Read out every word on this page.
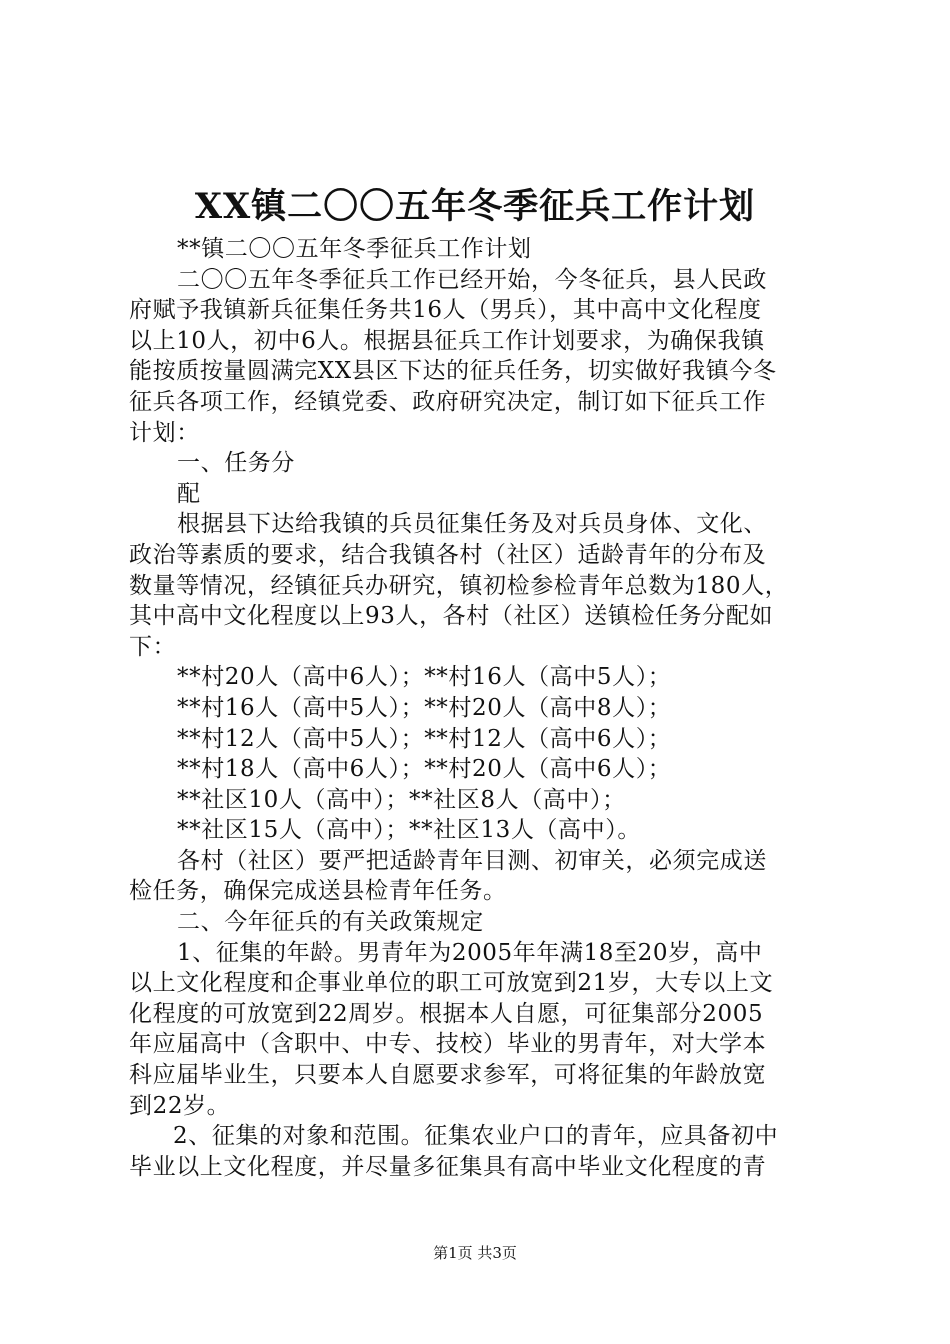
XX镇二〇〇五年冬季征兵工作计划
**镇二〇〇五年冬季征兵工作计划
二〇〇五年冬季征兵工作已经开始，今冬征兵，县人民政
府赋予我镇新兵征集任务共16人（男兵），其中高中文化程度
以上10人，初中6人。根据县征兵工作计划要求，为确保我镇
能按质按量圆满完XX县区下达的征兵任务，切实做好我镇今冬
征兵各项工作，经镇党委、政府研究决定，制订如下征兵工作
计划：
一、任务分
配
根据县下达给我镇的兵员征集任务及对兵员身体、文化、
政治等素质的要求，结合我镇各村（社区）适龄青年的分布及
数量等情况，经镇征兵办研究，镇初检参检青年总数为180人，
其中高中文化程度以上93人，各村（社区）送镇检任务分配如
下：
**村20人（高中6人）；**村16人（高中5人）；
**村16人（高中5人）；**村20人（高中8人）；
**村12人（高中5人）；**村12人（高中6人）；
**村18人（高中6人）；**村20人（高中6人）；
**社区10人（高中）；**社区8人（高中）；
**社区15人（高中）；**社区13人（高中）。
各村（社区）要严把适龄青年目测、初审关，必须完成送
检任务，确保完成送县检青年任务。
二、今年征兵的有关政策规定
1、征集的年龄。男青年为2005年年满18至20岁，高中
以上文化程度和企事业单位的职工可放宽到21岁，大专以上文
化程度的可放宽到22周岁。根据本人自愿，可征集部分2005
年应届高中（含职中、中专、技校）毕业的男青年，对大学本
科应届毕业生，只要本人自愿要求参军，可将征集的年龄放宽
到22岁。
2、征集的对象和范围。征集农业户口的青年，应具备初中
毕业以上文化程度，并尽量多征集具有高中毕业文化程度的青
第1页 共3页
